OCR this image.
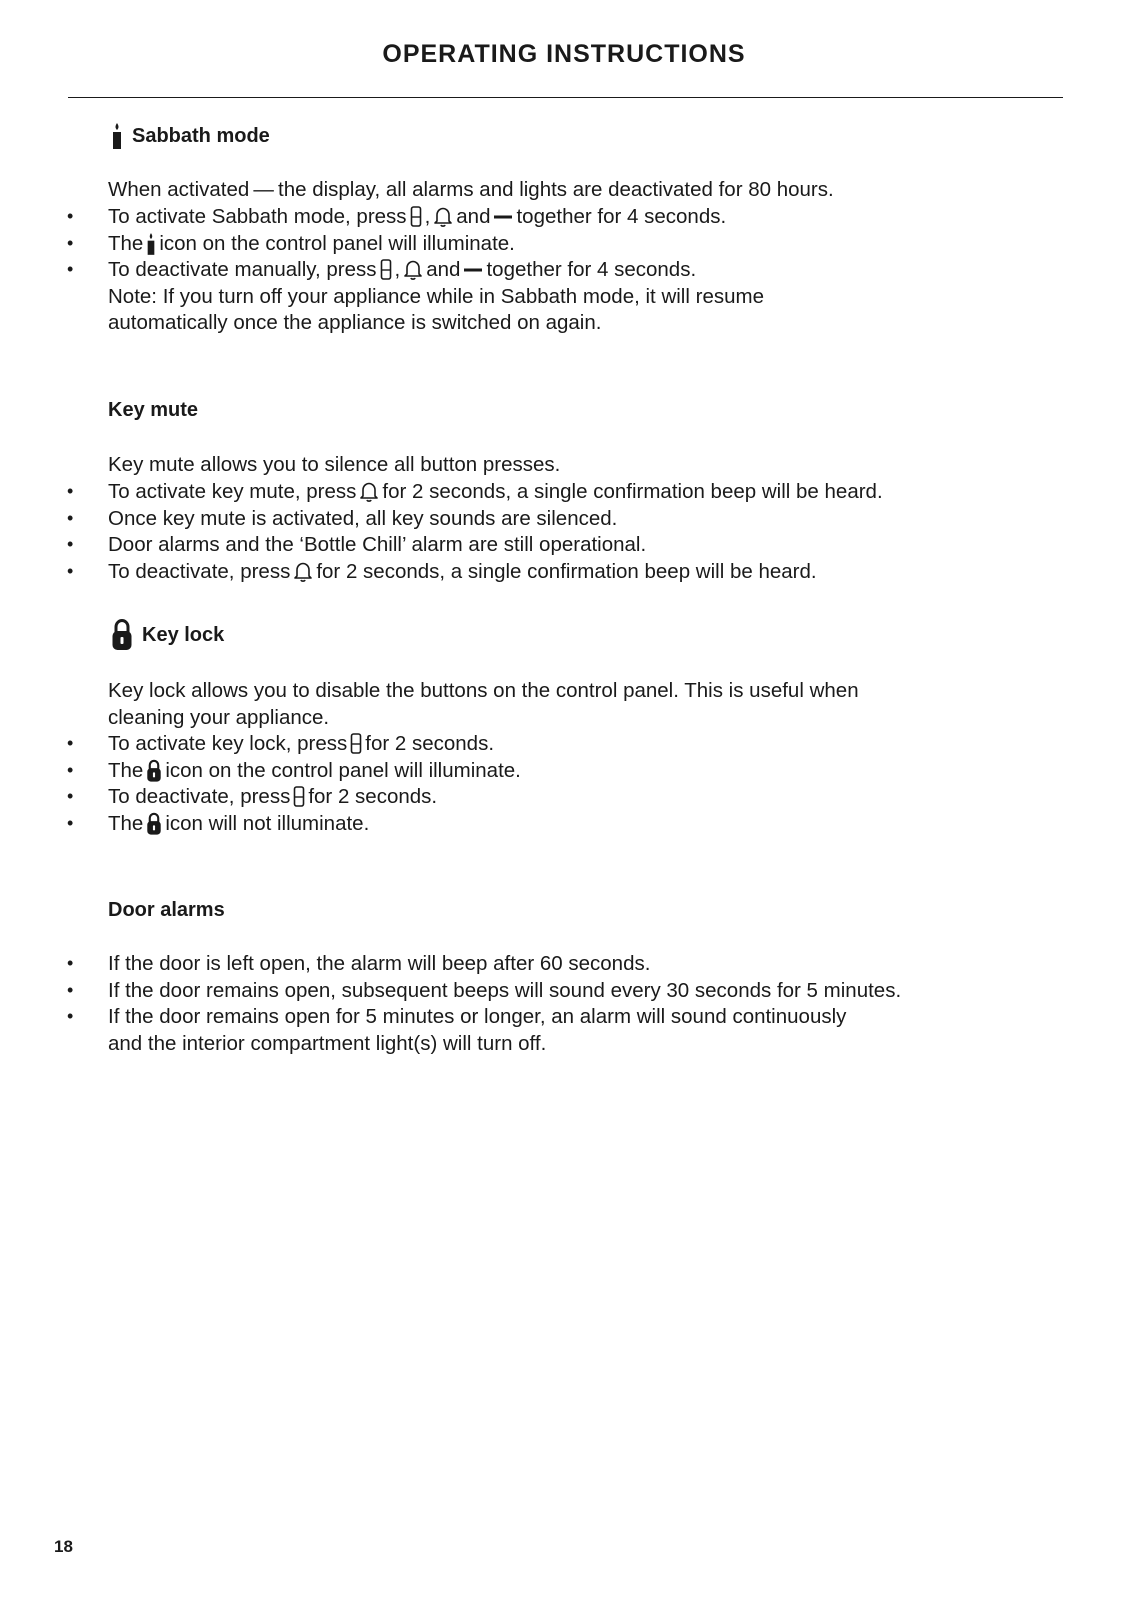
OPERATING INSTRUCTIONS
Sabbath mode
When activated — the display, all alarms and lights are deactivated for 80 hours.
• To activate Sabbath mode, press , and together for 4 seconds.
• The icon on the control panel will illuminate.
• To deactivate manually, press , and together for 4 seconds.
Note: If you turn off your appliance while in Sabbath mode, it will resume
automatically once the appliance is switched on again.
Key mute
Key mute allows you to silence all button presses.
• To activate key mute, press for 2 seconds, a single confirmation beep will be heard.
• Once key mute is activated, all key sounds are silenced.
• Door alarms and the ‘Bottle Chill’ alarm are still operational.
• To deactivate, press for 2 seconds, a single confirmation beep will be heard.
Key lock
Key lock allows you to disable the buttons on the control panel. This is useful when
cleaning your appliance.
• To activate key lock, press for 2 seconds.
• The icon on the control panel will illuminate.
• To deactivate, press for 2 seconds.
• The icon will not illuminate.
Door alarms
• If the door is left open, the alarm will beep after 60 seconds.
• If the door remains open, subsequent beeps will sound every 30 seconds for 5 minutes.
• If the door remains open for 5 minutes or longer, an alarm will sound continuously
and the interior compartment light(s) will turn off.
18
